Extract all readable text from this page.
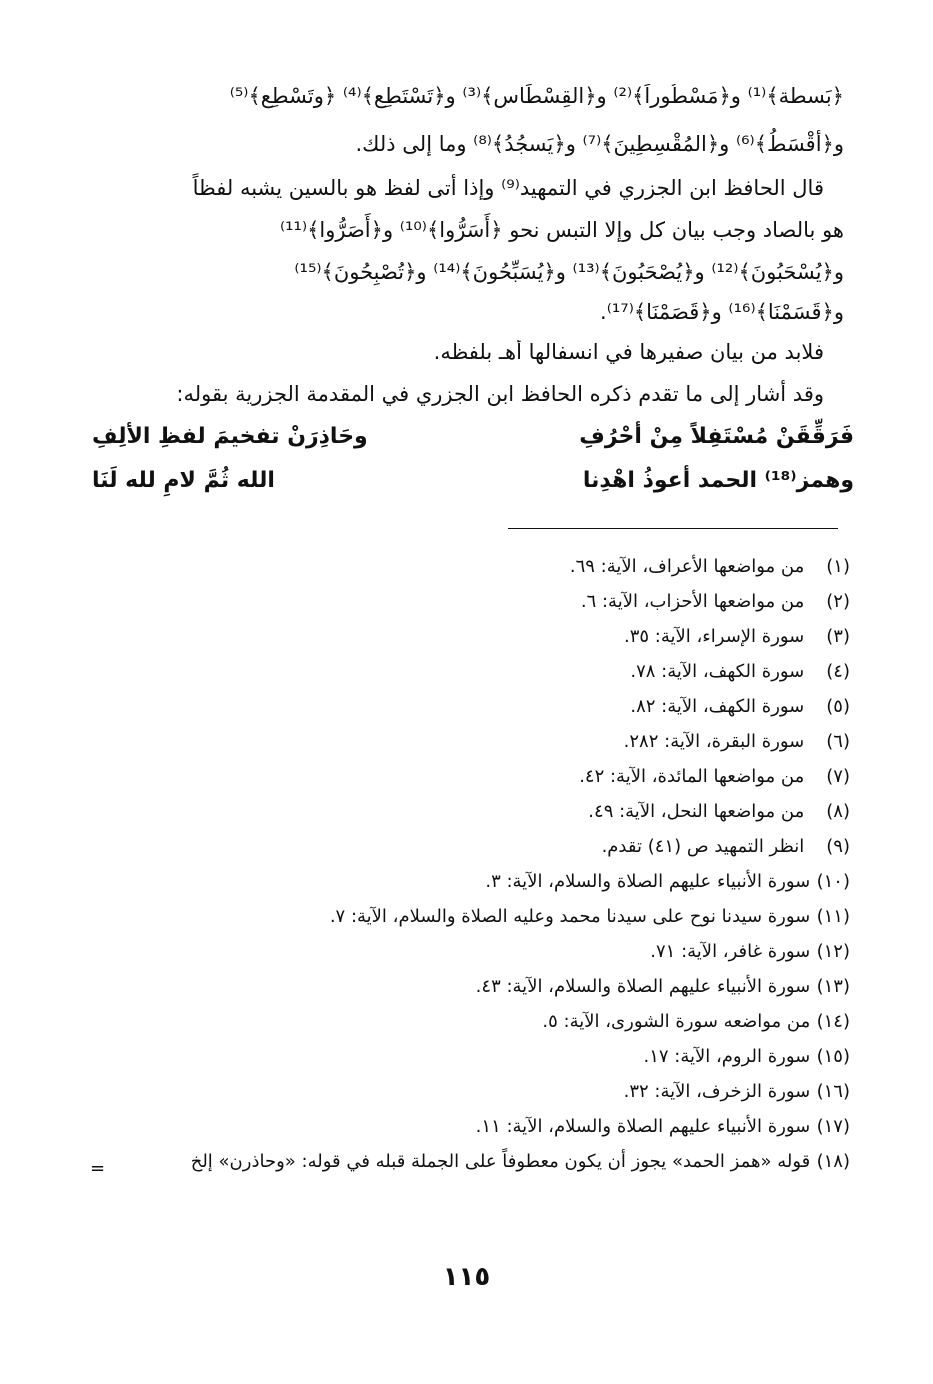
﴿بَسطة﴾⁽¹⁾ و﴿مَسْطُوراً﴾⁽²⁾ و﴿القِسْطَاس﴾⁽³⁾ و﴿تَسْتَطِع﴾⁽⁴⁾ ﴿وتَسْطِع﴾⁽⁵⁾
و﴿أقْسَطُ﴾⁽⁶⁾ و﴿المُقْسِطِينَ﴾⁽⁷⁾ و﴿يَسجُدُ﴾⁽⁸⁾ وما إلى ذلك.
قال الحافظ ابن الجزري في التمهيد⁽⁹⁾ وإذا أتى لفظ هو بالسين يشبه لفظاً
هو بالصاد وجب بيان كل وإلا التبس نحو ﴿أَسَرُّوا﴾⁽¹⁰⁾ و﴿أَصَرُّوا﴾⁽¹¹⁾
و﴿يُسْحَبُونَ﴾⁽¹²⁾ و﴿يُصْحَبُونَ﴾⁽¹³⁾ و﴿يُسَبِّحُونَ﴾⁽¹⁴⁾ و﴿تُصْبِحُونَ﴾⁽¹⁵⁾
و﴿قَسَمْنَا﴾⁽¹⁶⁾ و﴿قَصَمْنَا﴾⁽¹⁷⁾.
فلابد من بيان صفيرها في انسفالها أهـ بلفظه.
وقد أشار إلى ما تقدم ذكره الحافظ ابن الجزري في المقدمة الجزرية بقوله:
فَرَقِّقَنْ مُسْتَفِلاً مِنْ أحْرُفِ
وحَاذِرَنْ تفخيمَ لفظِ الألِفِ
وهمز⁽¹⁸⁾ الحمد أعوذُ اهْدِنا
الله ثُمَّ لامِ لله لَنَا
(١) من مواضعها الأعراف، الآية: ٦٩.
(٢) من مواضعها الأحزاب، الآية: ٦.
(٣) سورة الإسراء، الآية: ٣٥.
(٤) سورة الكهف، الآية: ٧٨.
(٥) سورة الكهف، الآية: ٨٢.
(٦) سورة البقرة، الآية: ٢٨٢.
(٧) من مواضعها المائدة، الآية: ٤٢.
(٨) من مواضعها النحل، الآية: ٤٩.
(٩) انظر التمهيد ص (٤١) تقدم.
(١٠) سورة الأنبياء عليهم الصلاة والسلام، الآية: ٣.
(١١) سورة سيدنا نوح على سيدنا محمد وعليه الصلاة والسلام، الآية: ٧.
(١٢) سورة غافر، الآية: ٧١.
(١٣) سورة الأنبياء عليهم الصلاة والسلام، الآية: ٤٣.
(١٤) من مواضعه سورة الشورى، الآية: ٥.
(١٥) سورة الروم، الآية: ١٧.
(١٦) سورة الزخرف، الآية: ٣٢.
(١٧) سورة الأنبياء عليهم الصلاة والسلام، الآية: ١١.
(١٨) قوله «همز الحمد» يجوز أن يكون معطوفاً على الجملة قبله في قوله: «وحاذرن» إلخ
=
١١٥
